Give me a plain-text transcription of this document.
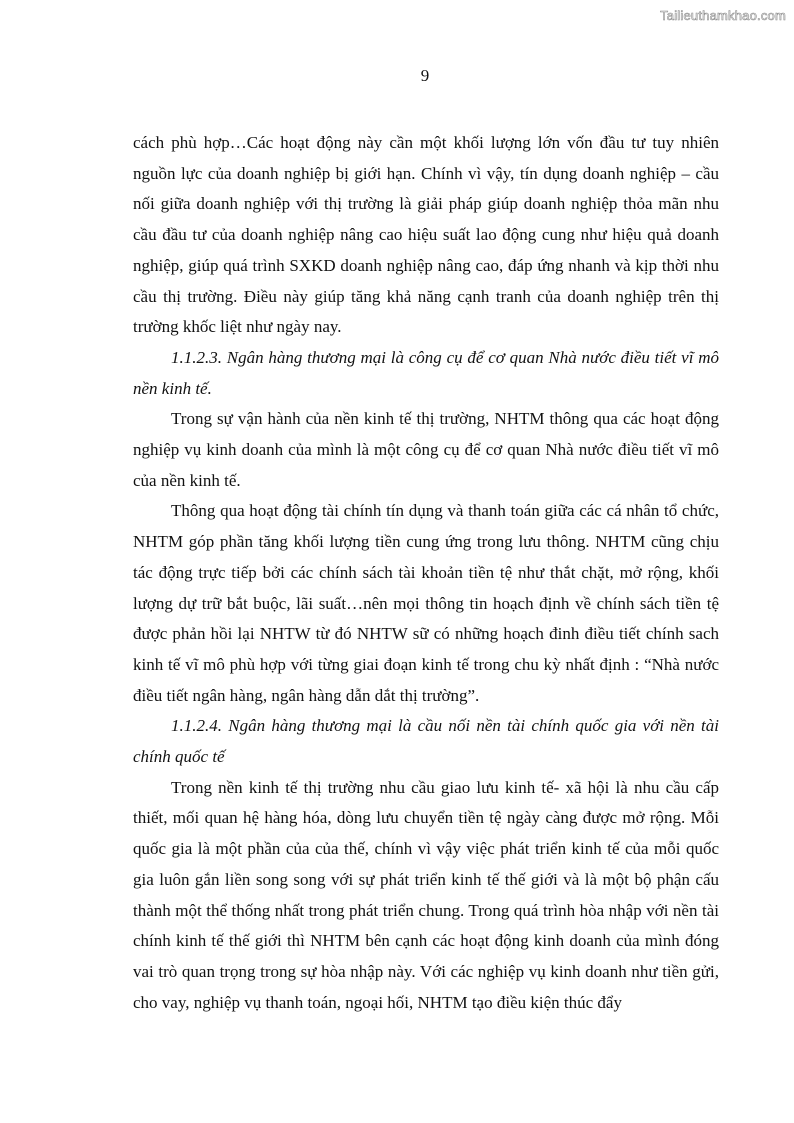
Tailieuthamkhao.com
9

cách phù hợp…Các hoạt động này cần một khối lượng lớn vốn đầu tư tuy nhiên nguồn lực của doanh nghiệp bị giới hạn. Chính vì vậy, tín dụng doanh nghiệp – cầu nối giữa doanh nghiệp với thị trường là giải pháp giúp doanh nghiệp thỏa mãn nhu cầu đầu tư của doanh nghiệp nâng cao hiệu suất lao động cung như hiệu quả doanh nghiệp, giúp quá trình SXKD doanh nghiệp nâng cao, đáp ứng nhanh và kịp thời nhu cầu thị trường. Điều này giúp tăng khả năng cạnh tranh của doanh nghiệp trên thị trường khốc liệt như ngày nay.

1.1.2.3. Ngân hàng thương mại là công cụ để cơ quan Nhà nước điều tiết vĩ mô nền kinh tế.

Trong sự vận hành của nền kinh tế thị trường, NHTM thông qua các hoạt động nghiệp vụ kinh doanh của mình là một công cụ để cơ quan Nhà nước điều tiết vĩ mô của nền kinh tế.

Thông qua hoạt động tài chính tín dụng và thanh toán giữa các cá nhân tổ chức, NHTM góp phần tăng khối lượng tiền cung ứng trong lưu thông. NHTM cũng chịu tác động trực tiếp bởi các chính sách tài khoản tiền tệ như thắt chặt, mở rộng, khối lượng dự trữ bắt buộc, lãi suất…nên mọi thông tin hoạch định về chính sách tiền tệ được phản hồi lại NHTW từ đó NHTW sữ có những hoạch đinh điều tiết chính sach kinh tế vĩ mô phù hợp với từng giai đoạn kinh tế trong chu kỳ nhất định : “Nhà nước điều tiết ngân hàng, ngân hàng dẫn dắt thị trường”.

1.1.2.4. Ngân hàng thương mại là cầu nối nền tài chính quốc gia với nền tài chính quốc tế

Trong nền kinh tế thị trường nhu cầu giao lưu kinh tế- xã hội là nhu cầu cấp thiết, mối quan hệ hàng hóa, dòng lưu chuyển tiền tệ ngày càng được mở rộng. Mỗi quốc gia là một phần của của thế, chính vì vậy việc phát triển kinh tế của mỗi quốc gia luôn gắn liền song song với sự phát triển kinh tế thế giới và là một bộ phận cấu thành một thể thống nhất trong phát triển chung. Trong quá trình hòa nhập với nền tài chính kinh tế thế giới thì NHTM bên cạnh các hoạt động kinh doanh của mình đóng vai trò quan trọng trong sự hòa nhập này. Với các nghiệp vụ kinh doanh như tiền gửi, cho vay, nghiệp vụ thanh toán, ngoại hối, NHTM tạo điều kiện thúc đẩy
